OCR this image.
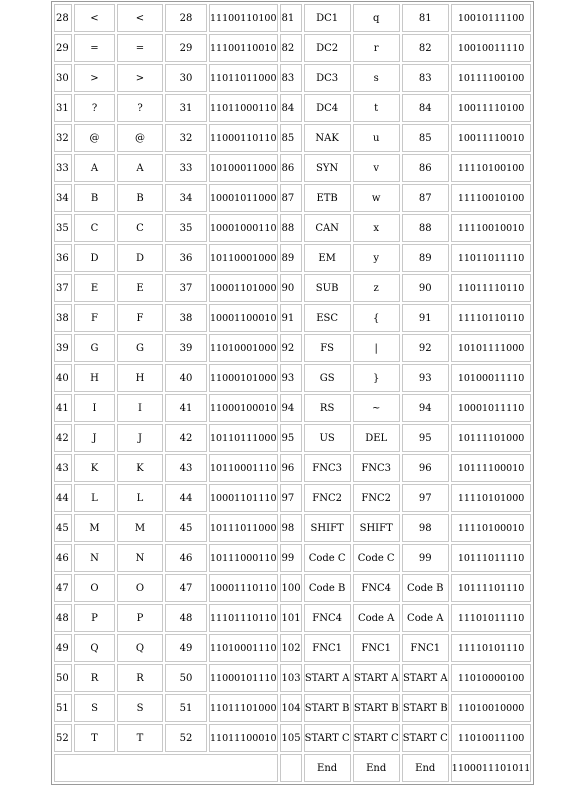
28	<	<	28	11100110100	81	DC1	q	81	10010111100
29	=	=	29	11100110010	82	DC2	r	82	10010011110
30	>	>	30	11011011000	83	DC3	s	83	10111100100
31	?	?	31	11011000110	84	DC4	t	84	10011110100
32	@	@	32	11000110110	85	NAK	u	85	10011110010
33	A	A	33	10100011000	86	SYN	v	86	11110100100
34	B	B	34	10001011000	87	ETB	w	87	11110010100
35	C	C	35	10001000110	88	CAN	x	88	11110010010
36	D	D	36	10110001000	89	EM	y	89	11011011110
37	E	E	37	10001101000	90	SUB	z	90	11011110110
38	F	F	38	10001100010	91	ESC	{	91	11110110110
39	G	G	39	11010001000	92	FS	|	92	10101111000
40	H	H	40	11000101000	93	GS	}	93	10100011110
41	I	I	41	11000100010	94	RS	~	94	10001011110
42	J	J	42	10110111000	95	US	DEL	95	10111101000
43	K	K	43	10110001110	96	FNC3	FNC3	96	10111100010
44	L	L	44	10001101110	97	FNC2	FNC2	97	11110101000
45	M	M	45	10111011000	98	SHIFT	SHIFT	98	11110100010
46	N	N	46	10111000110	99	Code C	Code C	99	10111011110
47	O	O	47	10001110110	100	Code B	FNC4	Code B	10111101110
48	P	P	48	11101110110	101	FNC4	Code A	Code A	11101011110
49	Q	Q	49	11010001110	102	FNC1	FNC1	FNC1	11110101110
50	R	R	50	11000101110	103	START A	START A	START A	11010000100
51	S	S	51	11011101000	104	START B	START B	START B	11010010000
52	T	T	52	11011100010	105	START C	START C	START C	11010011100
						End	End	End	1100011101011
